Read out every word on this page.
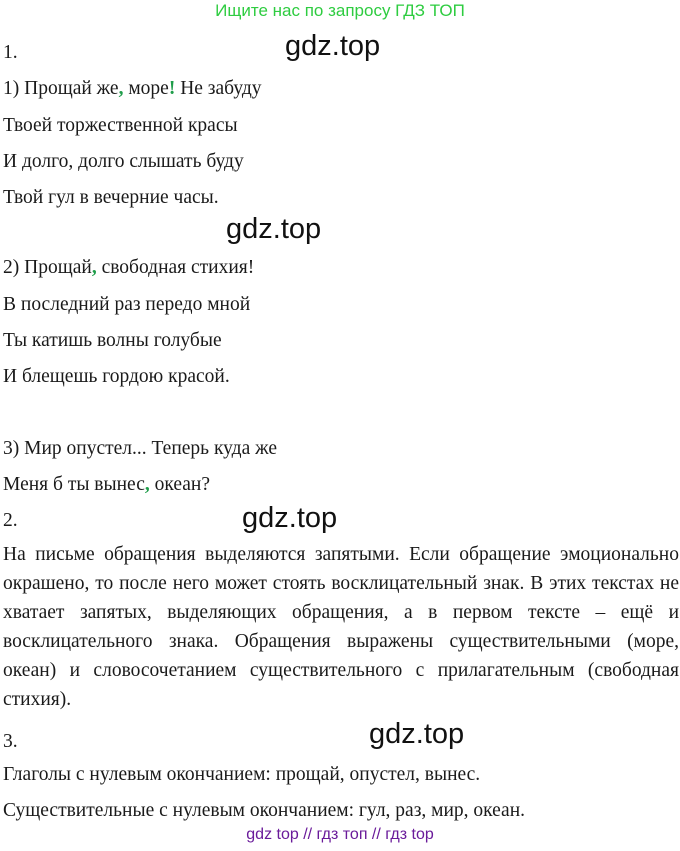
Ищите нас по запросу ГДЗ ТОП
1.	gdz.top
1) Прощай же, море! Не забуду
Твоей торжественной красы
И долго, долго слышать буду
Твой гул в вечерние часы.
gdz.top
2) Прощай, свободная стихия!
В последний раз передо мной
Ты катишь волны голубые
И блещешь гордою красой.
3) Мир опустел... Теперь куда же
Меня б ты вынес, океан?
2.	gdz.top
На письме обращения выделяются запятыми. Если обращение эмоционально окрашено, то после него может стоять восклицательный знак. В этих текстах не хватает запятых, выделяющих обращения, а в первом тексте – ещё и восклицательного знака. Обращения выражены существительными (море, океан) и словосочетанием существительного с прилагательным (свободная стихия).
3.	gdz.top
Глаголы с нулевым окончанием: прощай, опустел, вынес.
Существительные с нулевым окончанием: гул, раз, мир, океан.
gdz top // гдз топ // гдз top
